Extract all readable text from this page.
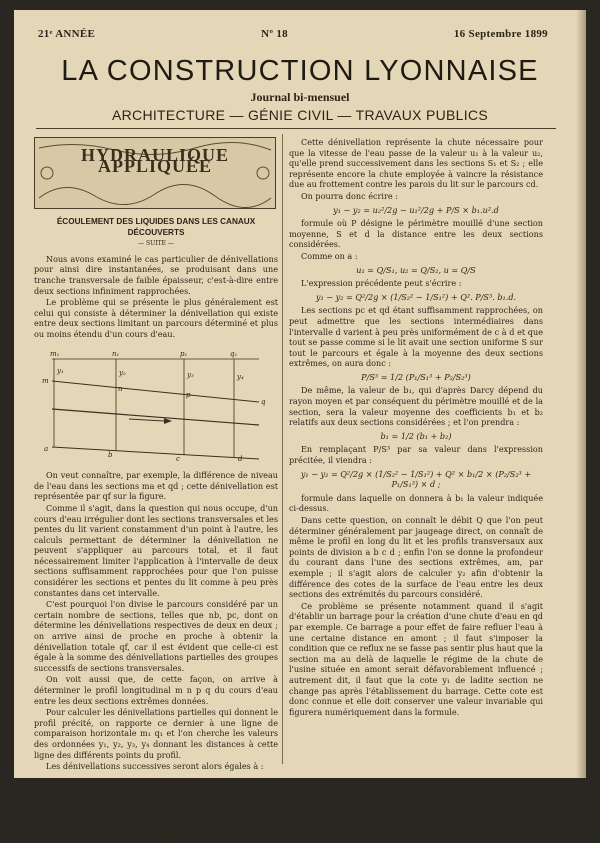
21ᵉ ANNÉE	Nº 18	16 Septembre 1899
LA CONSTRUCTION LYONNAISE
Journal bi-mensuel
ARCHITECTURE — GÉNIE CIVIL — TRAVAUX PUBLICS
HYDRAULIQUE APPLIQUÉE
ÉCOULEMENT DES LIQUIDES DANS LES CANAUX DÉCOUVERTS
— SUITE —

Nous avons examiné le cas particulier de dénivellations pour ainsi dire instantanées, se produisant dans une tranche transversale de faible épaisseur, c'est-à-dire entre deux sections infiniment rapprochées.

Le problème qui se présente le plus généralement est celui qui consiste à déterminer la dénivellation qui existe entre deux sections limitant un parcours déterminé et plus ou moins étendu d'un cours d'eau.

m₁	n₁	p₁	q₁
m
n
p
q
y₁	y₂	y₃	y₄
a
b	c	d

On veut connaître, par exemple, la différence de niveau de l'eau dans les sections ma et qd ; cette dénivellation est représentée par qf sur la figure.

Comme il s'agit, dans la question qui nous occupe, d'un cours d'eau irrégulier dont les sections transversales et les pentes du lit varient constamment d'un point à l'autre, les calculs permettant de déterminer la dénivellation ne peuvent s'appliquer au parcours total, et il faut nécessairement limiter l'application à l'intervalle de deux sections suffisamment rapprochées pour que l'on puisse considérer les sections et pentes du lit comme à peu près constantes dans cet intervalle.

C'est pourquoi l'on divise le parcours considéré par un certain nombre de sections, telles que nb, pc, dont on détermine les dénivellations respectives de deux en deux ; on arrive ainsi de proche en proche à obtenir la dénivellation totale qf, car il est évident que celle-ci est égale à la somme des dénivellations partielles des groupes successifs de sections transversales.

On voit aussi que, de cette façon, on arrive à déterminer le profil longitudinal m n p q du cours d'eau entre les deux sections extrêmes données.

Pour calculer les dénivellations partielles qui donnent le profil précité, on rapporte ce dernier à une ligne de comparaison horizontale m₁ q₁ et l'on cherche les valeurs des ordonnées y₁, y₂, y₃, y₄ donnant les distances à cette ligne des différents points du profil.

Les dénivellations successives seront alors égales à :

y₁ − y₂, y₂ − y₃, y₃ − y₄

On aura de même :

qf = y₁ − y₄.

Considérons en particulier la dénivellation partielle :

qi = y₁ − y₂.

Cette dénivellation représente la chute nécessaire pour que la vitesse de l'eau passe de la valeur u₁ à la valeur u₂, qu'elle prend successivement dans les sections S₁ et S₂ ; elle représente encore la chute employée à vaincre la résistance due au frottement contre les parois du lit sur le parcours cd.

On pourra donc écrire :

y₁ − y₂ = u₂²/2g − u₁²/2g + P/S × b₁.u².d

formule où P désigne le périmètre mouillé d'une section moyenne, S et d la distance entre les deux sections considérées.

Comme on a :

u₁ = Q/S₁, u₂ = Q/S₂, u = Q/S

L'expression précédente peut s'écrire :

y₁ − y₂ = Q²/2g × (1/S₂² − 1/S₁²) + Q². P/S³. b₁.d.

Les sections pc et qd étant suffisamment rapprochées, on peut admettre que les sections intermédiaires dans l'intervalle d varient à peu près uniformément de c à d et que tout se passe comme si le lit avait une section uniforme S sur tout le parcours et égale à la moyenne des deux sections extrêmes, on aura donc :

P/S³ = 1/2 (P₁/S₁³ + P₂/S₂³)

De même, la valeur de b₁, qui d'après Darcy dépend du rayon moyen et par conséquent du périmètre mouillé et de la section, sera la valeur moyenne des coefficients b₁ et b₂ relatifs aux deux sections considérées ; et l'on prendra :

b₁ = 1/2 (b₁ + b₂)

En remplaçant P/S³ par sa valeur dans l'expression précitée, il viendra :

y₁ − y₂ = Q²/2g × (1/S₂² − 1/S₁²) + Q² × b₁/2 × (P₂/S₂³ + P₁/S₁³) × d ;

formule dans laquelle on donnera à b₁ la valeur indiquée ci-dessus.

Dans cette question, on connaît le débit Q que l'on peut déterminer généralement par jaugeage direct, on connaît de même le profil en long du lit et les profils transversaux aux points de division a b c d ; enfin l'on se donne la profondeur du courant dans l'une des sections extrêmes, am, par exemple ; il s'agit alors de calculer y₂ afin d'obtenir la différence des cotes de la surface de l'eau entre les deux sections des extrémités du parcours considéré.

Ce problème se présente notamment quand il s'agit d'établir un barrage pour la création d'une chute d'eau en qd par exemple. Ce barrage a pour effet de faire refluer l'eau à une certaine distance en amont ; il faut s'imposer la condition que ce reflux ne se fasse pas sentir plus haut que la section ma au delà de laquelle le régime de la chute de l'usine située en amont serait défavorablement influencé ; autrement dit, il faut que la cote y₁ de ladite section ne change pas après l'établissement du barrage. Cette cote est donc connue et elle doit conserver une valeur invariable qui figurera numériquement dans la formule.
